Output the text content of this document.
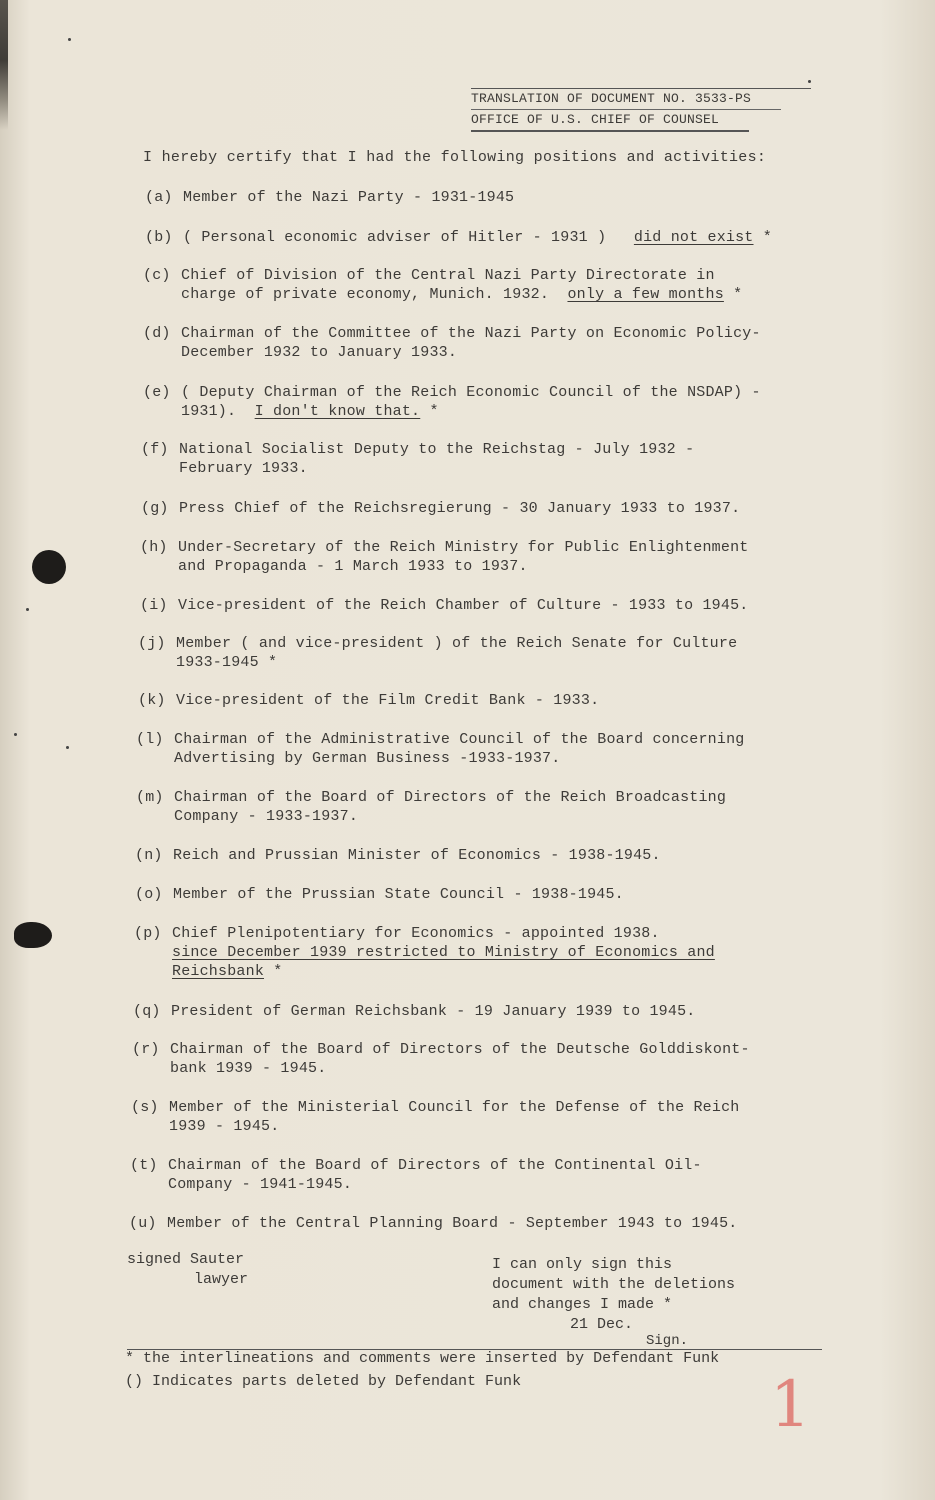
TRANSLATION OF DOCUMENT NO. 3533-PS
OFFICE OF U.S. CHIEF OF COUNSEL
I hereby certify that I had the following positions and activities:
(a) Member of the Nazi Party - 1931-1945
(b) ( Personal economic adviser of Hitler - 1931 ) did not exist *
(c) Chief of Division of the Central Nazi Party Directorate in
charge of private economy, Munich. 1932. only a few months *
(d) Chairman of the Committee of the Nazi Party on Economic Policy-
December 1932 to January 1933.
(e) ( Deputy Chairman of the Reich Economic Council of the NSDAP) -
1931). I don't know that. *
(f) National Socialist Deputy to the Reichstag - July 1932 -
February 1933.
(g) Press Chief of the Reichsregierung - 30 January 1933 to 1937.
(h) Under-Secretary of the Reich Ministry for Public Enlightenment
and Propaganda - 1 March 1933 to 1937.
(i) Vice-president of the Reich Chamber of Culture - 1933 to 1945.
(j) Member ( and vice-president ) of the Reich Senate for Culture
1933-1945 *
(k) Vice-president of the Film Credit Bank - 1933.
(l) Chairman of the Administrative Council of the Board concerning
Advertising by German Business -1933-1937.
(m) Chairman of the Board of Directors of the Reich Broadcasting
Company - 1933-1937.
(n) Reich and Prussian Minister of Economics - 1938-1945.
(o) Member of the Prussian State Council - 1938-1945.
(p) Chief Plenipotentiary for Economics - appointed 1938.
since December 1939 restricted to Ministry of Economics and
Reichsbank *
(q) President of German Reichsbank - 19 January 1939 to 1945.
(r) Chairman of the Board of Directors of the Deutsche Golddiskont-
bank 1939 - 1945.
(s) Member of the Ministerial Council for the Defense of the Reich
1939 - 1945.
(t) Chairman of the Board of Directors of the Continental Oil-
Company - 1941-1945.
(u) Member of the Central Planning Board - September 1943 to 1945.
signed Sauter
lawyer
I can only sign this
document with the deletions
and changes I made *
21 Dec.
Sign.
* the interlineations and comments were inserted by Defendant Funk
() Indicates parts deleted by Defendant Funk	1
